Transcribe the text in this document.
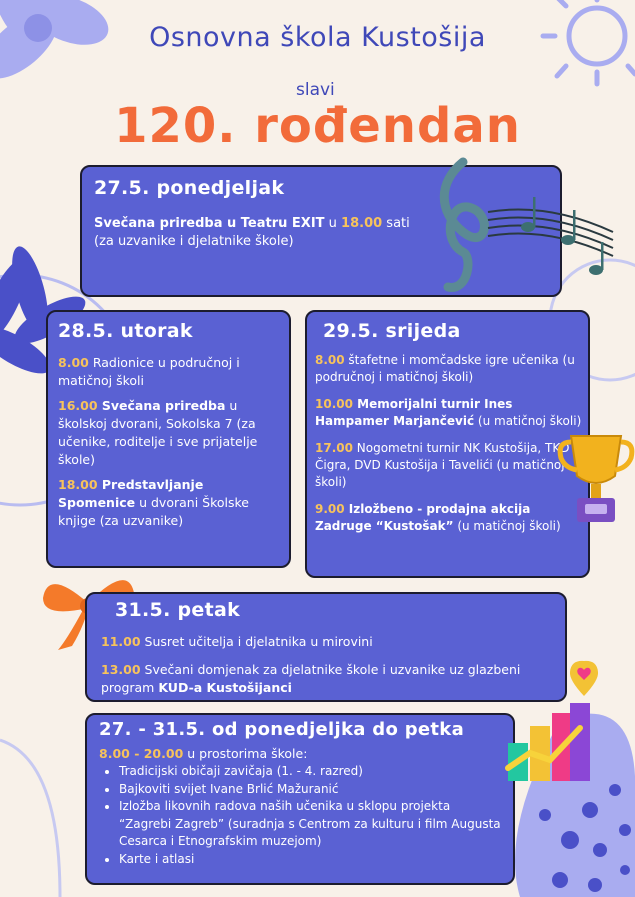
Osnovna škola Kustošija
slavi
120. rođendan
27.5. ponedjeljak
Svečana priredba u Teatru EXIT u 18.00 sati
(za uzvanike i djelatnike škole)
28.5. utorak
8.00 Radionice u područnoj i matičnoj školi
16.00 Svečana priredba u školskoj dvorani, Sokolska 7 (za učenike, roditelje i sve prijatelje škole)
18.00 Predstavljanje Spomenice u dvorani Školske knjige (za uzvanike)
29.5. srijeda
8.00 štafetne i momčadske igre učenika (u područnoj i matičnoj školi)
10.00 Memorijalni turnir Ines Hampamer Marjančević (u matičnoj školi)
17.00 Nogometni turnir NK Kustošija, TKD Čigra, DVD Kustošija i Tavelići (u matičnoj školi)
9.00 Izložbeno - prodajna akcija Zadruge “Kustošak” (u matičnoj školi)
31.5. petak
11.00 Susret učitelja i djelatnika u mirovini
13.00 Svečani domjenak za djelatnike škole i uzvanike uz glazbeni program KUD-a Kustošijanci
27. - 31.5. od ponedjeljka do petka
8.00 - 20.00 u prostorima škole:
• Tradicijski običaji zavičaja (1. - 4. razred)
• Bajkoviti svijet Ivane Brlić Mažuranić
• Izložba likovnih radova naših učenika u sklopu projekta “Zagrebi Zagreb” (suradnja s Centrom za kulturu i film Augusta Cesarca i Etnografskim muzejom)
• Karte i atlasi
